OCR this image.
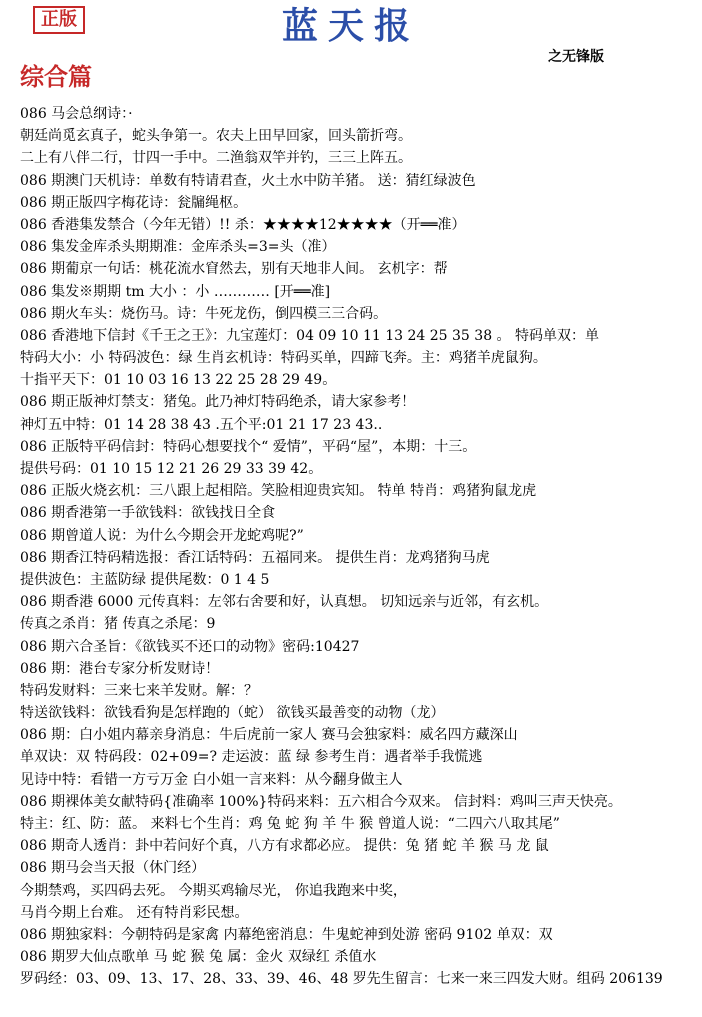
正版	蓝天报
之无锋版
综合篇
086 马会总纲诗：·
朝廷尚觅玄真子，蛇头争第一。农夫上田早回家，回头箭折弯。
二上有八伴二行，廿四一手中。二渔翁双竿并钓，三三上阵五。
086 期澳门天机诗：单数有特请君查，火土水中防羊猪。 送：猜红绿波色
086 期正版四字梅花诗：瓮牖绳枢。
086 香港集发禁合（今年无错）!! 杀：★★★★12★★★★（开══准）
086 集发金库杀头期期准：金库杀头=3=头（准）
086 期葡京一句话：桃花流水窅然去，别有天地非人间。 玄机字：帮
086 集发※期期 tm 大小 ：小 ………… [开══准]
086 期火车头：烧伤马。诗：牛死龙伤，倒四模三三合码。
086 香港地下信封《千王之王》：九宝莲灯：04 09 10 11 13 24 25 35 38 。 特码单双：单
特码大小：小 特码波色：绿 生肖玄机诗：特码买单，四蹄飞奔。主：鸡猪羊虎鼠狗。
十指平天下：01 10 03 16 13 22 25 28 29 49。
086 期正版神灯禁支：猪兔。此乃神灯特码绝杀，请大家参考！
神灯五中特：01 14 28 38 43 .五个平:01 21 17 23 43..
086 正版特平码信封：特码心想要找个“ 爱情”，平码“屋”，本期：十三。
提供号码：01 10 15 12 21 26 29 33 39 42。
086 正版火烧玄机：三八跟上起相陪。笑脸相迎贵宾知。 特单 特肖：鸡猪狗鼠龙虎
086 期香港第一手欲钱料：欲钱找日全食
086 期曾道人说：为什么今期会开龙蛇鸡呢?”
086 期香江特码精选报：香江话特码：五福同来。 提供生肖：龙鸡猪狗马虎
提供波色：主蓝防绿 提供尾数：0 1 4 5
086 期香港 6000 元传真料：左邻右舍要和好，认真想。 切知远亲与近邻，有玄机。
传真之杀肖：猪 传真之杀尾：9
086 期六合圣旨：《欲钱买不还口的动物》密码:10427
086 期：港台专家分析发财诗！
特码发财料：三来七来羊发财。解：？
特送欲钱料：欲钱看狗是怎样跑的（蛇） 欲钱买最善变的动物（龙）
086 期：白小姐内幕亲身消息：牛后虎前一家人 赛马会独家料：威名四方藏深山
单双诀：双 特码段：02+09=? 走运波：蓝 绿 参考生肖：遇者举手我慌逃
见诗中特：看错一方亏万金 白小姐一言来料：从今翻身做主人
086 期裸体美女献特码{准确率 100%}特码来料：五六相合今双来。 信封料：鸡叫三声天快亮。
特主：红、防：蓝。 来料七个生肖：鸡 兔 蛇 狗 羊 牛 猴 曾道人说：“二四六八取其尾”
086 期奇人透肖：卦中若问好个真，八方有求都必应。 提供：兔 猪 蛇 羊 猴 马 龙 鼠
086 期马会当天报（休门经）
今期禁鸡，买四码去死。 今期买鸡输尽光， 你追我跑来中奖，
马肖今期上台难。 还有特肖彩民想。
086 期独家料：今朝特码是家禽 内幕绝密消息：牛鬼蛇神到处游 密码 9102 单双：双
086 期罗大仙点歌单 马 蛇 猴 兔 属：金火 双绿红 杀值水
罗码经：03、09、13、17、28、33、39、46、48 罗先生留言：七来一来三四发大财。组码 206139
